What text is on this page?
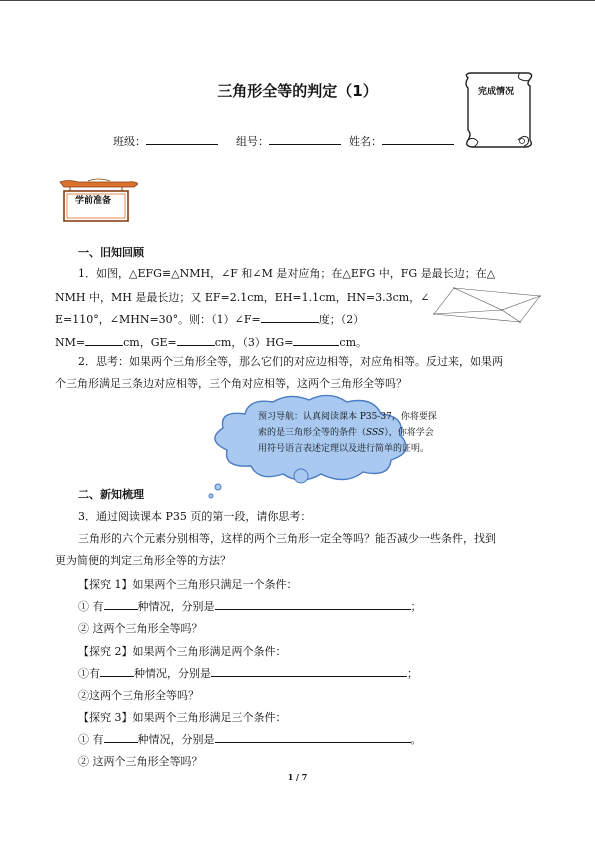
三角形全等的判定（1）	完成情况
班级：	组号：	姓名：
学前准备
一、旧知回顾
1．如图，△EFG≌△NMH，∠F 和∠M 是对应角；在△EFG 中，FG 是最长边；在△
NMH 中，MH 是最长边；又 EF=2.1cm，EH=1.1cm，HN=3.3cm，∠
E=110°，∠MHN=30°。则：（1）∠F=	度；（2）
NM=	cm，GE=	cm，（3）HG=	cm。
2．思考：如果两个三角形全等，那么它们的对应边相等，对应角相等。反过来，如果两
个三角形满足三条边对应相等，三个角对应相等，这两个三角形全等吗？
预习导航：认真阅读课本 P35-37，你将要探
索的是三角形全等的条件（SSS），你将学会
用符号语言表述定理以及进行简单的证明。
二、新知梳理
3．通过阅读课本 P35 页的第一段，请你思考：
三角形的六个元素分别相等，这样的两个三角形一定全等吗？能否减少一些条件，找到
更为简便的判定三角形全等的方法？
【探究 1】如果两个三角形只满足一个条件：
① 有	种情况，分别是	；
② 这两个三角形全等吗？
【探究 2】如果两个三角形满足两个条件：
①有	种情况，分别是	；
②这两个三角形全等吗？
【探究 3】如果两个三角形满足三个条件：
① 有	种情况，分别是	。
② 这两个三角形全等吗？
1 / 7
